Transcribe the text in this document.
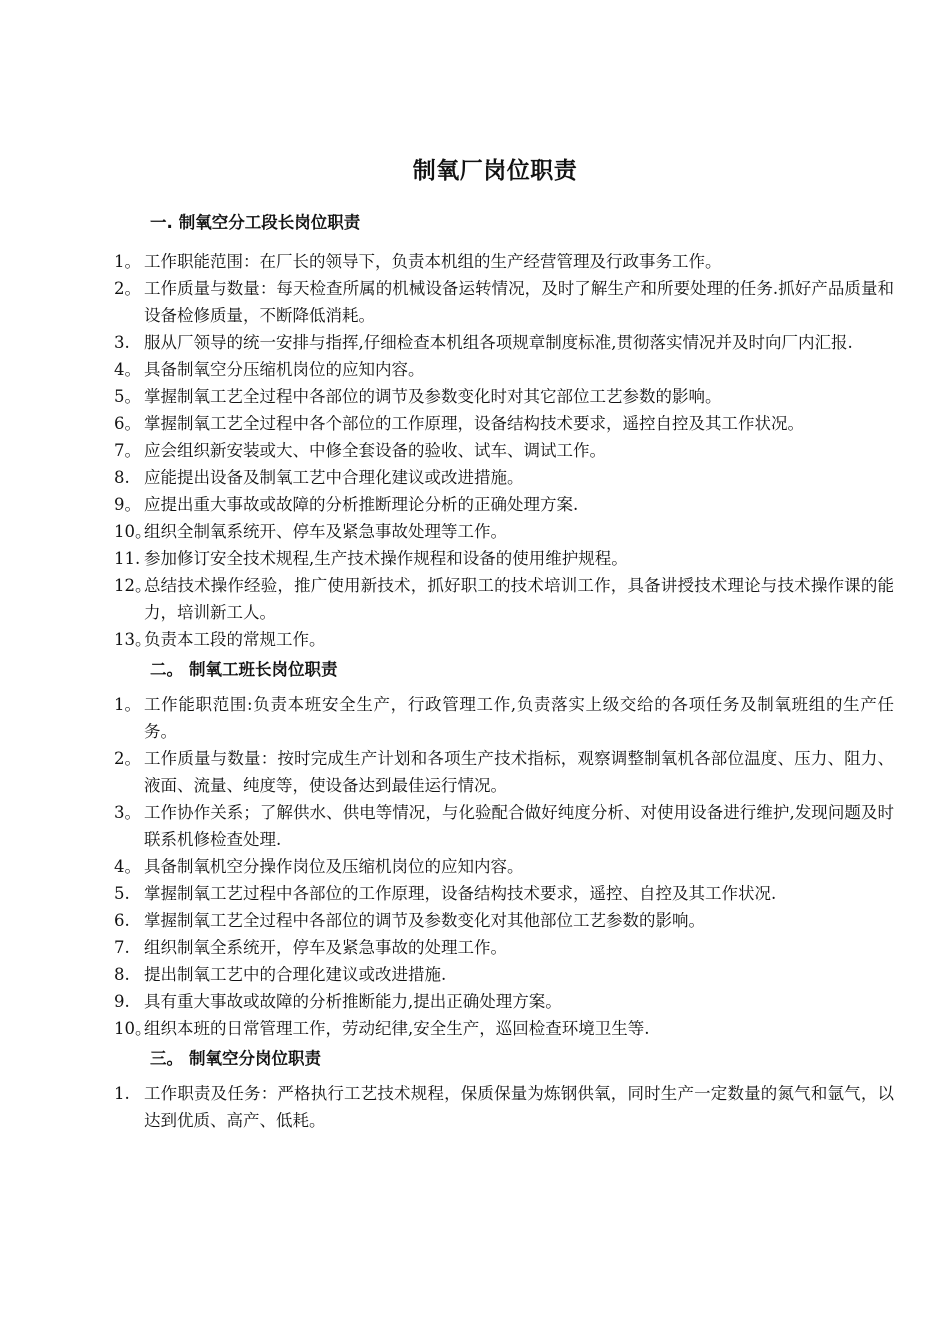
制氧厂岗位职责
一. 制氧空分工段长岗位职责
1。 工作职能范围：在厂长的领导下，负责本机组的生产经营管理及行政事务工作。
2。 工作质量与数量：每天检查所属的机械设备运转情况，及时了解生产和所要处理的任务.抓好产品质量和设备检修质量，不断降低消耗。
3. 服从厂领导的统一安排与指挥,仔细检查本机组各项规章制度标准,贯彻落实情况并及时向厂内汇报.
4。 具备制氧空分压缩机岗位的应知内容。
5。 掌握制氧工艺全过程中各部位的调节及参数变化时对其它部位工艺参数的影响。
6。 掌握制氧工艺全过程中各个部位的工作原理，设备结构技术要求，遥控自控及其工作状况。
7。 应会组织新安装或大、中修全套设备的验收、试车、调试工作。
8. 应能提出设备及制氧工艺中合理化建议或改进措施。
9。 应提出重大事故或故障的分析推断理论分析的正确处理方案.
10。
组织全制氧系统开、停车及紧急事故处理等工作。
11. 参加修订安全技术规程,生产技术操作规程和设备的使用维护规程。
12。
总结技术操作经验，推广使用新技术，抓好职工的技术培训工作，具备讲授技术理论与技术操作课的能力，培训新工人。
13。
负责本工段的常规工作。
二。 制氧工班长岗位职责
1。 工作能职范围:负责本班安全生产，行政管理工作,负责落实上级交给的各项任务及制氧班组的生产任务。
2。 工作质量与数量：按时完成生产计划和各项生产技术指标，观察调整制氧机各部位温度、压力、阻力、液面、流量、纯度等，使设备达到最佳运行情况。
3。 工作协作关系；了解供水、供电等情况，与化验配合做好纯度分析、对使用设备进行维护,发现问题及时联系机修检查处理.
4。 具备制氧机空分操作岗位及压缩机岗位的应知内容。
5. 掌握制氧工艺过程中各部位的工作原理，设备结构技术要求，遥控、自控及其工作状况.
6. 掌握制氧工艺全过程中各部位的调节及参数变化对其他部位工艺参数的影响。
7. 组织制氧全系统开，停车及紧急事故的处理工作。
8. 提出制氧工艺中的合理化建议或改进措施.
9. 具有重大事故或故障的分析推断能力,提出正确处理方案。
10。
组织本班的日常管理工作，劳动纪律,安全生产，巡回检查环境卫生等.
三。 制氧空分岗位职责
1. 工作职责及任务：严格执行工艺技术规程，保质保量为炼钢供氧，同时生产一定数量的氮气和氩气，以达到优质、高产、低耗。
